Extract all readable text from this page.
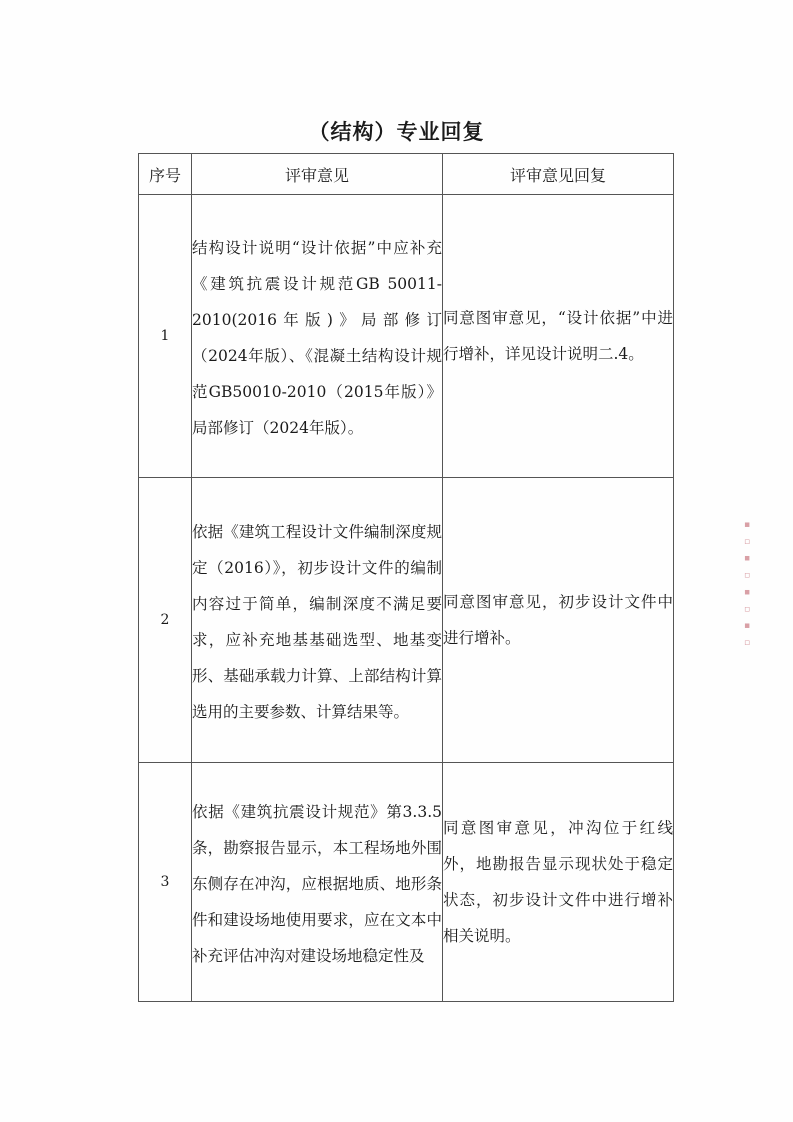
（结构）专业回复
序号	评审意见	评审意见回复
1	结构设计说明“设计依据”中应补充《建筑抗震设计规范GB 50011-2010(2016年版)》局部修订（2024年版）、《混凝土结构设计规范GB50010-2010（2015年版）》局部修订（2024年版）。	同意图审意见，“设计依据”中进行增补，详见设计说明二.4。
2	依据《建筑工程设计文件编制深度规定（2016）》，初步设计文件的编制内容过于简单，编制深度不满足要求，应补充地基基础选型、地基变形、基础承载力计算、上部结构计算选用的主要参数、计算结果等。	同意图审意见，初步设计文件中进行增补。
3	依据《建筑抗震设计规范》第3.3.5条，勘察报告显示，本工程场地外围东侧存在冲沟，应根据地质、地形条件和建设场地使用要求，应在文本中补充评估冲沟对建设场地稳定性及	同意图审意见，冲沟位于红线外，地勘报告显示现状处于稳定状态，初步设计文件中进行增补相关说明。
▪ ▫ ▪ ▫ ▪ ▫ ▪ ▫
